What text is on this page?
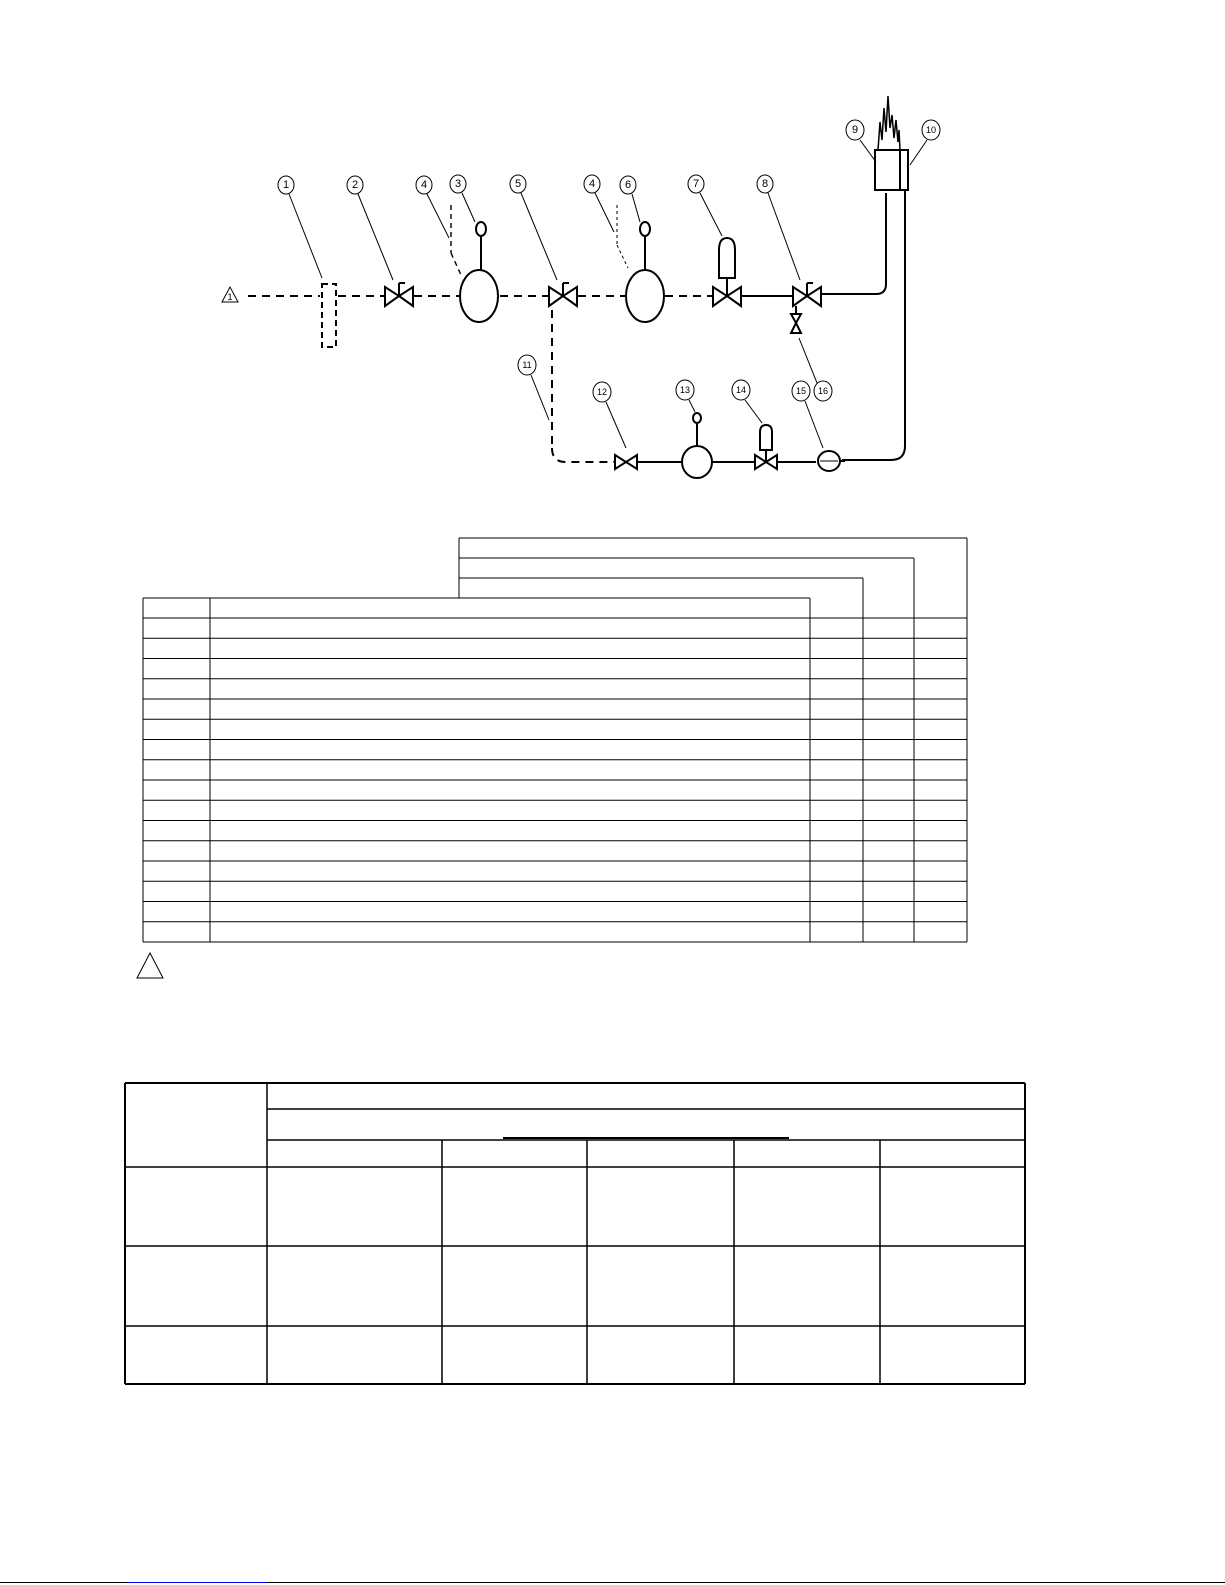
1
1	2	4	3	5	4	6	7	8
9	10
11
12	13	14	15 16
